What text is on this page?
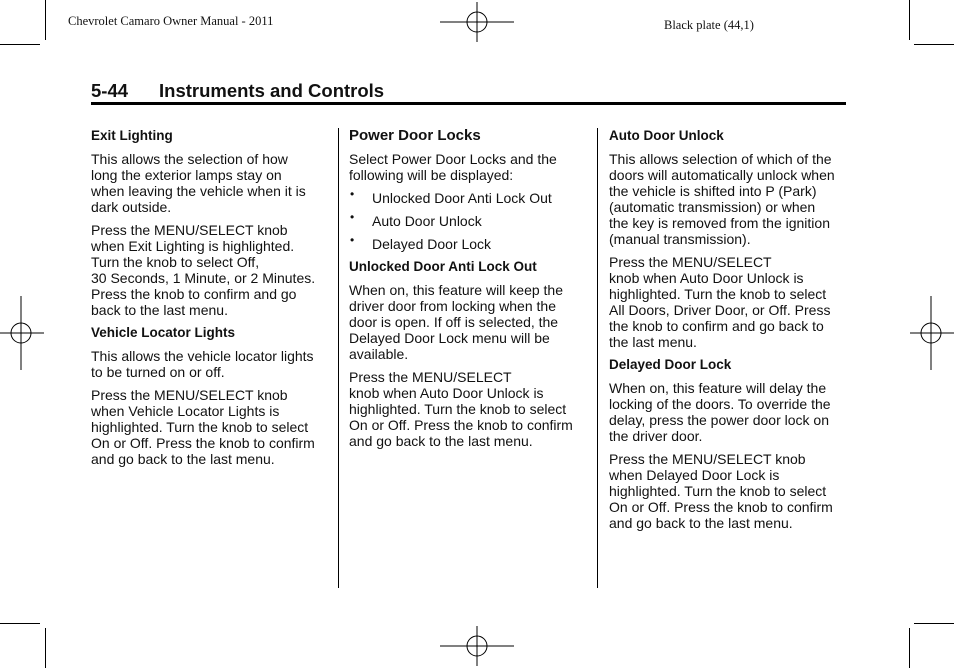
Chevrolet Camaro Owner Manual - 2011	Black plate (44,1)
5-44 Instruments and Controls
Exit Lighting
This allows the selection of how
long the exterior lamps stay on
when leaving the vehicle when it is
dark outside.
Press the MENU/SELECT knob
when Exit Lighting is highlighted.
Turn the knob to select Off,
30 Seconds, 1 Minute, or 2 Minutes.
Press the knob to confirm and go
back to the last menu.
Vehicle Locator Lights
This allows the vehicle locator lights
to be turned on or off.
Press the MENU/SELECT knob
when Vehicle Locator Lights is
highlighted. Turn the knob to select
On or Off. Press the knob to confirm
and go back to the last menu.
Power Door Locks
Select Power Door Locks and the
following will be displayed:
• Unlocked Door Anti Lock Out
• Auto Door Unlock
• Delayed Door Lock
Unlocked Door Anti Lock Out
When on, this feature will keep the
driver door from locking when the
door is open. If off is selected, the
Delayed Door Lock menu will be
available.
Press the MENU/SELECT
knob when Auto Door Unlock is
highlighted. Turn the knob to select
On or Off. Press the knob to confirm
and go back to the last menu.
Auto Door Unlock
This allows selection of which of the
doors will automatically unlock when
the vehicle is shifted into P (Park)
(automatic transmission) or when
the key is removed from the ignition
(manual transmission).
Press the MENU/SELECT
knob when Auto Door Unlock is
highlighted. Turn the knob to select
All Doors, Driver Door, or Off. Press
the knob to confirm and go back to
the last menu.
Delayed Door Lock
When on, this feature will delay the
locking of the doors. To override the
delay, press the power door lock on
the driver door.
Press the MENU/SELECT knob
when Delayed Door Lock is
highlighted. Turn the knob to select
On or Off. Press the knob to confirm
and go back to the last menu.
